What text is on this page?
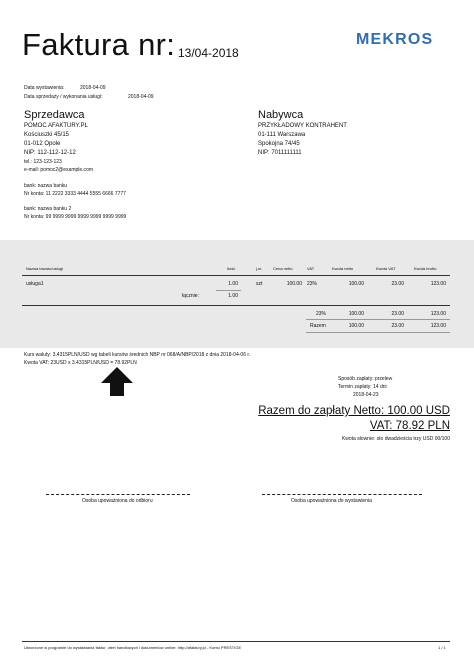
Faktura nr: 13/04-2018
MEKROS
Data wystawienia:	2018-04-09
Data sprzedaży / wykonania usługi:	2018-04-09
Sprzedawca
POMOC AFAKTURY.PL
Kościuszki 45/15
01-012 Opole
NIP: 112-112-12-12
tel.: 123-123-123
e-mail: pomoc2@example.com
bank: nazwa banku
Nr konta: 11 2222 3333 4444 5555 6666 7777
bank: nazwa banku 2
Nr konta: 99 9999 9999 9999 9999 9999 9999
Nabywca
PRZYKŁADOWY KONTRAHENT
01-111 Warszawa
Spokojna 74/45
NIP: 7011111111
Nazwa towaru/usługi	Ilość	j.m.	Cena netto	VAT	Kwota netto	Kwota VAT	Kwota brutto
usługa1	1.00	szt	100.00 23%	100.00	23.00	123.00
łącznie:	1.00
23%	100.00	23.00	123.00
Razem	100.00	23.00	123.00
Kurs waluty: 3.4315PLN/USD wg tabeli kursów średnich NBP nr 068/A/NBP/2018 z dnia 2018-04-06 r.
Kwota VAT: 23USD x 3.4315PLN/USD = 78.92PLN
Sposób zapłaty: przelew
Termin zapłaty: 14 dni
2018-04-23
Razem do zapłaty Netto: 100.00 USD
VAT: 78.92 PLN
Kwota słownie: sto dwadzieścia trzy USD 00/100
Osoba upoważniona do odbioru	Osoba upoważniona do wystawienia
Utworzone w programie do wystawiania faktur, ofert handlowych i dokumentów online: http://afaktury.pl - Konto PRESTIGE	1 / 1
